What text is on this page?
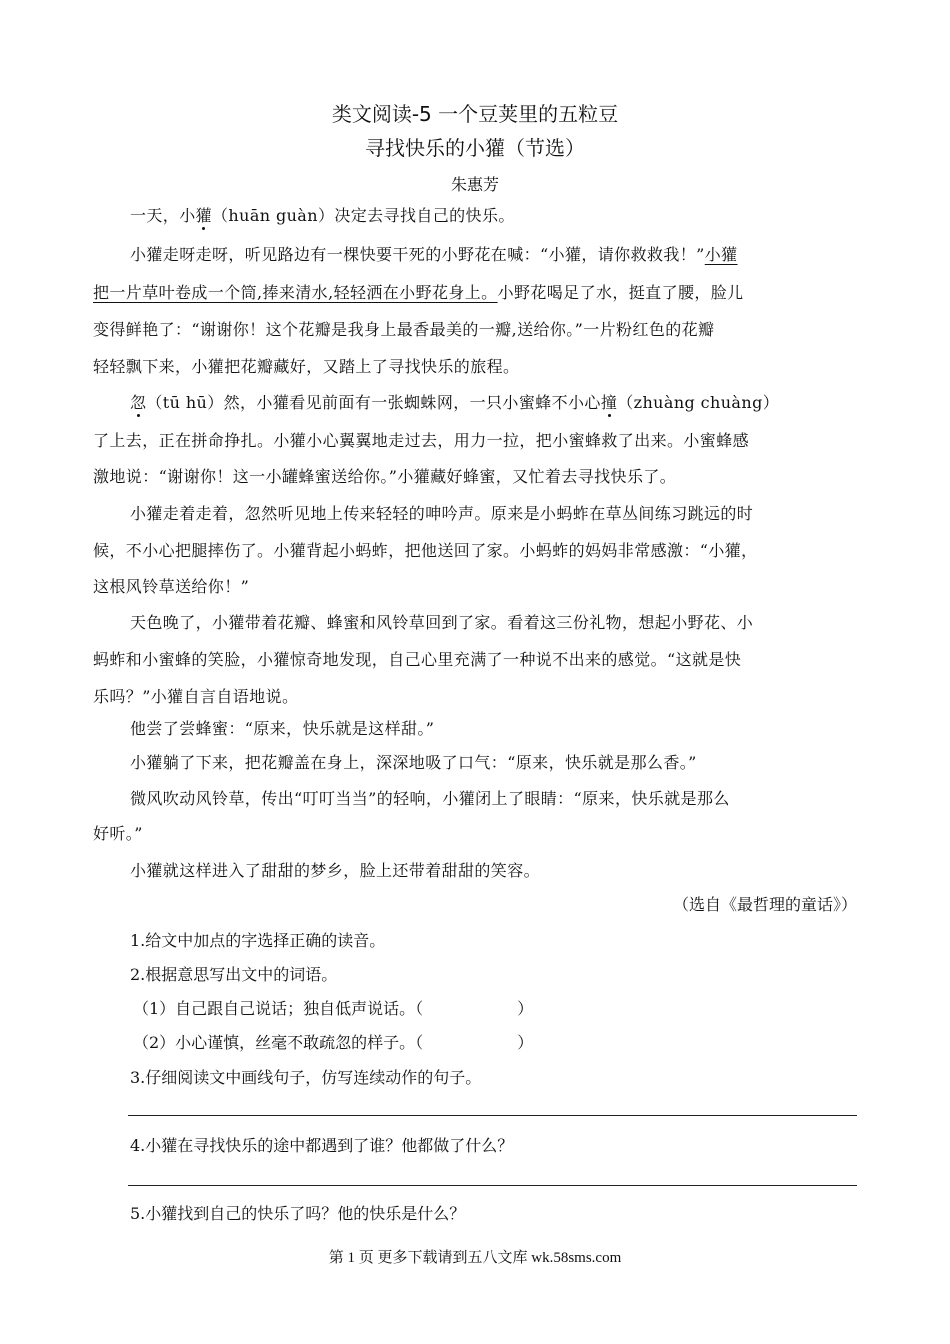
类文阅读-5 一个豆荚里的五粒豆
寻找快乐的小獾（节选）
朱惠芳
一天，小獾（huān guàn）决定去寻找自己的快乐。
小獾走呀走呀，听见路边有一棵快要干死的小野花在喊：“小獾，请你救救我！”小獾
把一片草叶卷成一个筒,捧来清水,轻轻洒在小野花身上。小野花喝足了水，挺直了腰，脸儿
变得鲜艳了：“谢谢你！这个花瓣是我身上最香最美的一瓣,送给你。”一片粉红色的花瓣
轻轻飘下来，小獾把花瓣藏好，又踏上了寻找快乐的旅程。
忽（tū hū）然，小獾看见前面有一张蜘蛛网，一只小蜜蜂不小心撞（zhuàng chuàng）
了上去，正在拼命挣扎。小獾小心翼翼地走过去，用力一拉，把小蜜蜂救了出来。小蜜蜂感
激地说：“谢谢你！这一小罐蜂蜜送给你。”小獾藏好蜂蜜，又忙着去寻找快乐了。
小獾走着走着，忽然听见地上传来轻轻的呻吟声。原来是小蚂蚱在草丛间练习跳远的时
候，不小心把腿摔伤了。小獾背起小蚂蚱，把他送回了家。小蚂蚱的妈妈非常感激：“小獾，
这根风铃草送给你！”
天色晚了，小獾带着花瓣、蜂蜜和风铃草回到了家。看着这三份礼物，想起小野花、小
蚂蚱和小蜜蜂的笑脸，小獾惊奇地发现，自己心里充满了一种说不出来的感觉。“这就是快
乐吗？”小獾自言自语地说。
他尝了尝蜂蜜：“原来，快乐就是这样甜。”
小獾躺了下来，把花瓣盖在身上，深深地吸了口气：“原来，快乐就是那么香。”
微风吹动风铃草，传出“叮叮当当”的轻响，小獾闭上了眼睛：“原来，快乐就是那么
好听。”
小獾就这样进入了甜甜的梦乡，脸上还带着甜甜的笑容。
（选自《最哲理的童话》）
1.给文中加点的字选择正确的读音。
2.根据意思写出文中的词语。
（1）自己跟自己说话；独自低声说话。（	）
（2）小心谨慎，丝毫不敢疏忽的样子。（	）
3.仔细阅读文中画线句子，仿写连续动作的句子。
4.小獾在寻找快乐的途中都遇到了谁？他都做了什么？
5.小獾找到自己的快乐了吗？他的快乐是什么？
第 1 页 更多下载请到五八文库 wk.58sms.com
